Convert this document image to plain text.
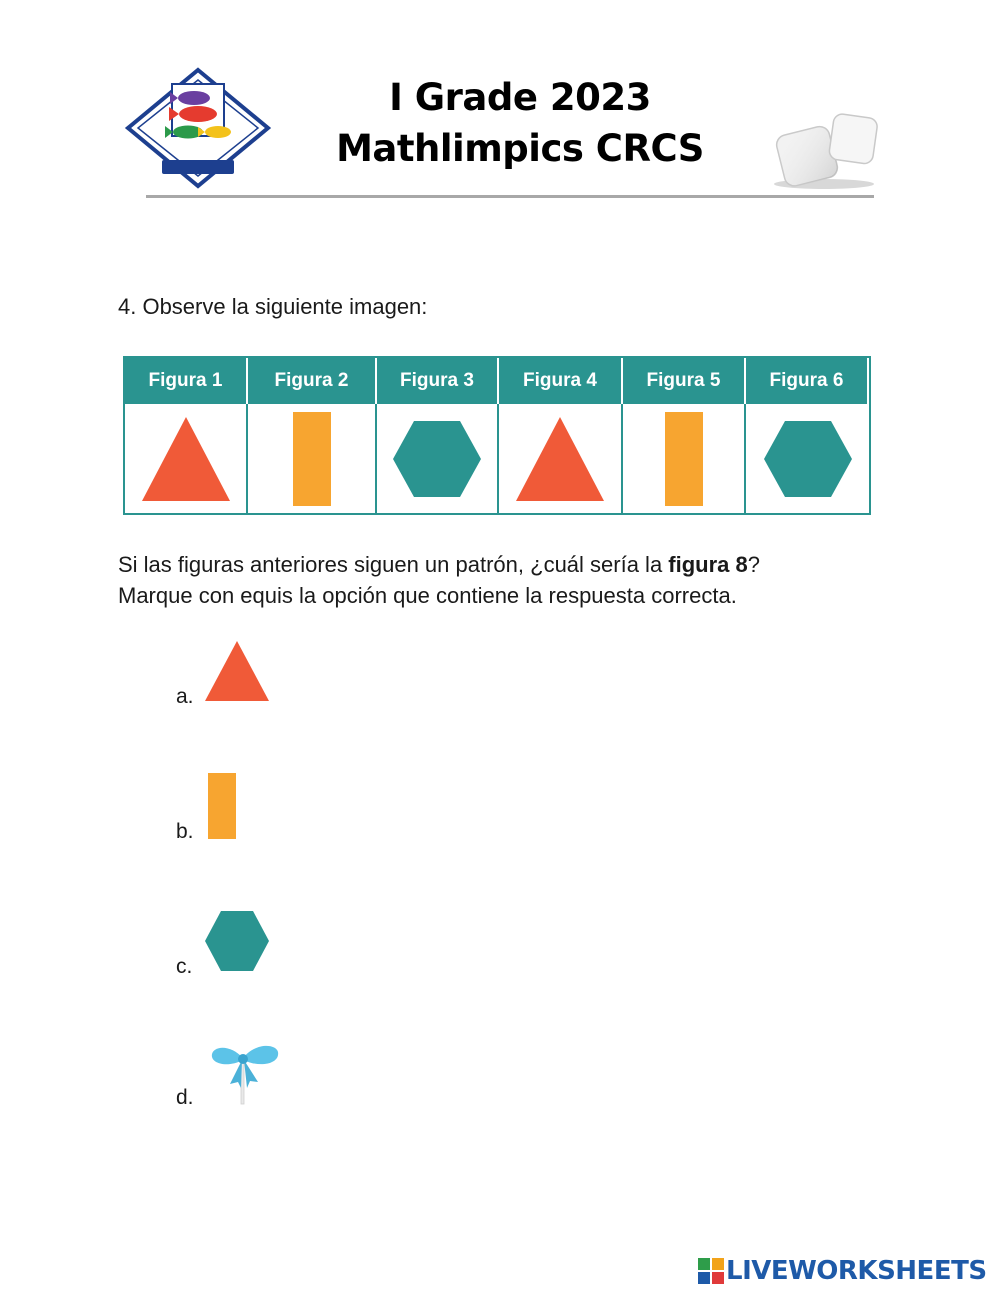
I Grade 2023
Mathlimpics CRCS
4. Observe la siguiente imagen:
Figura 1	Figura 2	Figura 3	Figura 4	Figura 5	Figura 6
Si las figuras anteriores siguen un patrón, ¿cuál sería la figura 8?
Marque con equis la opción que contiene la respuesta correcta.
a.
b.
c.
d.
LIVEWORKSHEETS
